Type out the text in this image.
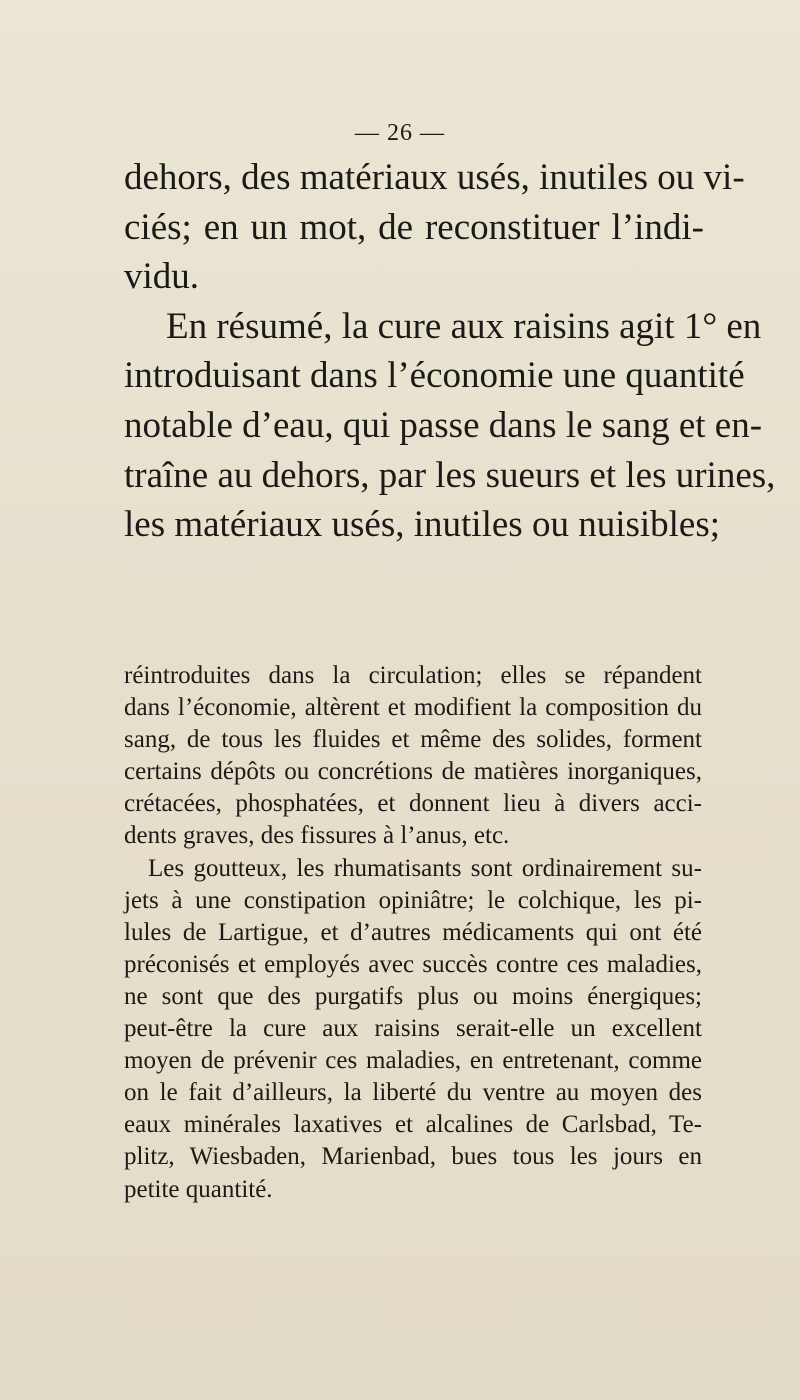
— 26 —
dehors, des matériaux usés, inutiles ou vi-
ciés; en un mot, de reconstituer l’indi-
vidu.
En résumé, la cure aux raisins agit 1° en
introduisant dans l’économie une quantité
notable d’eau, qui passe dans le sang et en-
traîne au dehors, par les sueurs et les urines,
les matériaux usés, inutiles ou nuisibles;
réintroduites dans la circulation; elles se répandent
dans l’économie, altèrent et modifient la composition du
sang, de tous les fluides et même des solides, forment
certains dépôts ou concrétions de matières inorganiques,
crétacées, phosphatées, et donnent lieu à divers acci-
dents graves, des fissures à l’anus, etc.
Les goutteux, les rhumatisants sont ordinairement su-
jets à une constipation opiniâtre; le colchique, les pi-
lules de Lartigue, et d’autres médicaments qui ont été
préconisés et employés avec succès contre ces maladies,
ne sont que des purgatifs plus ou moins énergiques;
peut-être la cure aux raisins serait-elle un excellent
moyen de prévenir ces maladies, en entretenant, comme
on le fait d’ailleurs, la liberté du ventre au moyen des
eaux minérales laxatives et alcalines de Carlsbad, Te-
plitz, Wiesbaden, Marienbad, bues tous les jours en
petite quantité.
